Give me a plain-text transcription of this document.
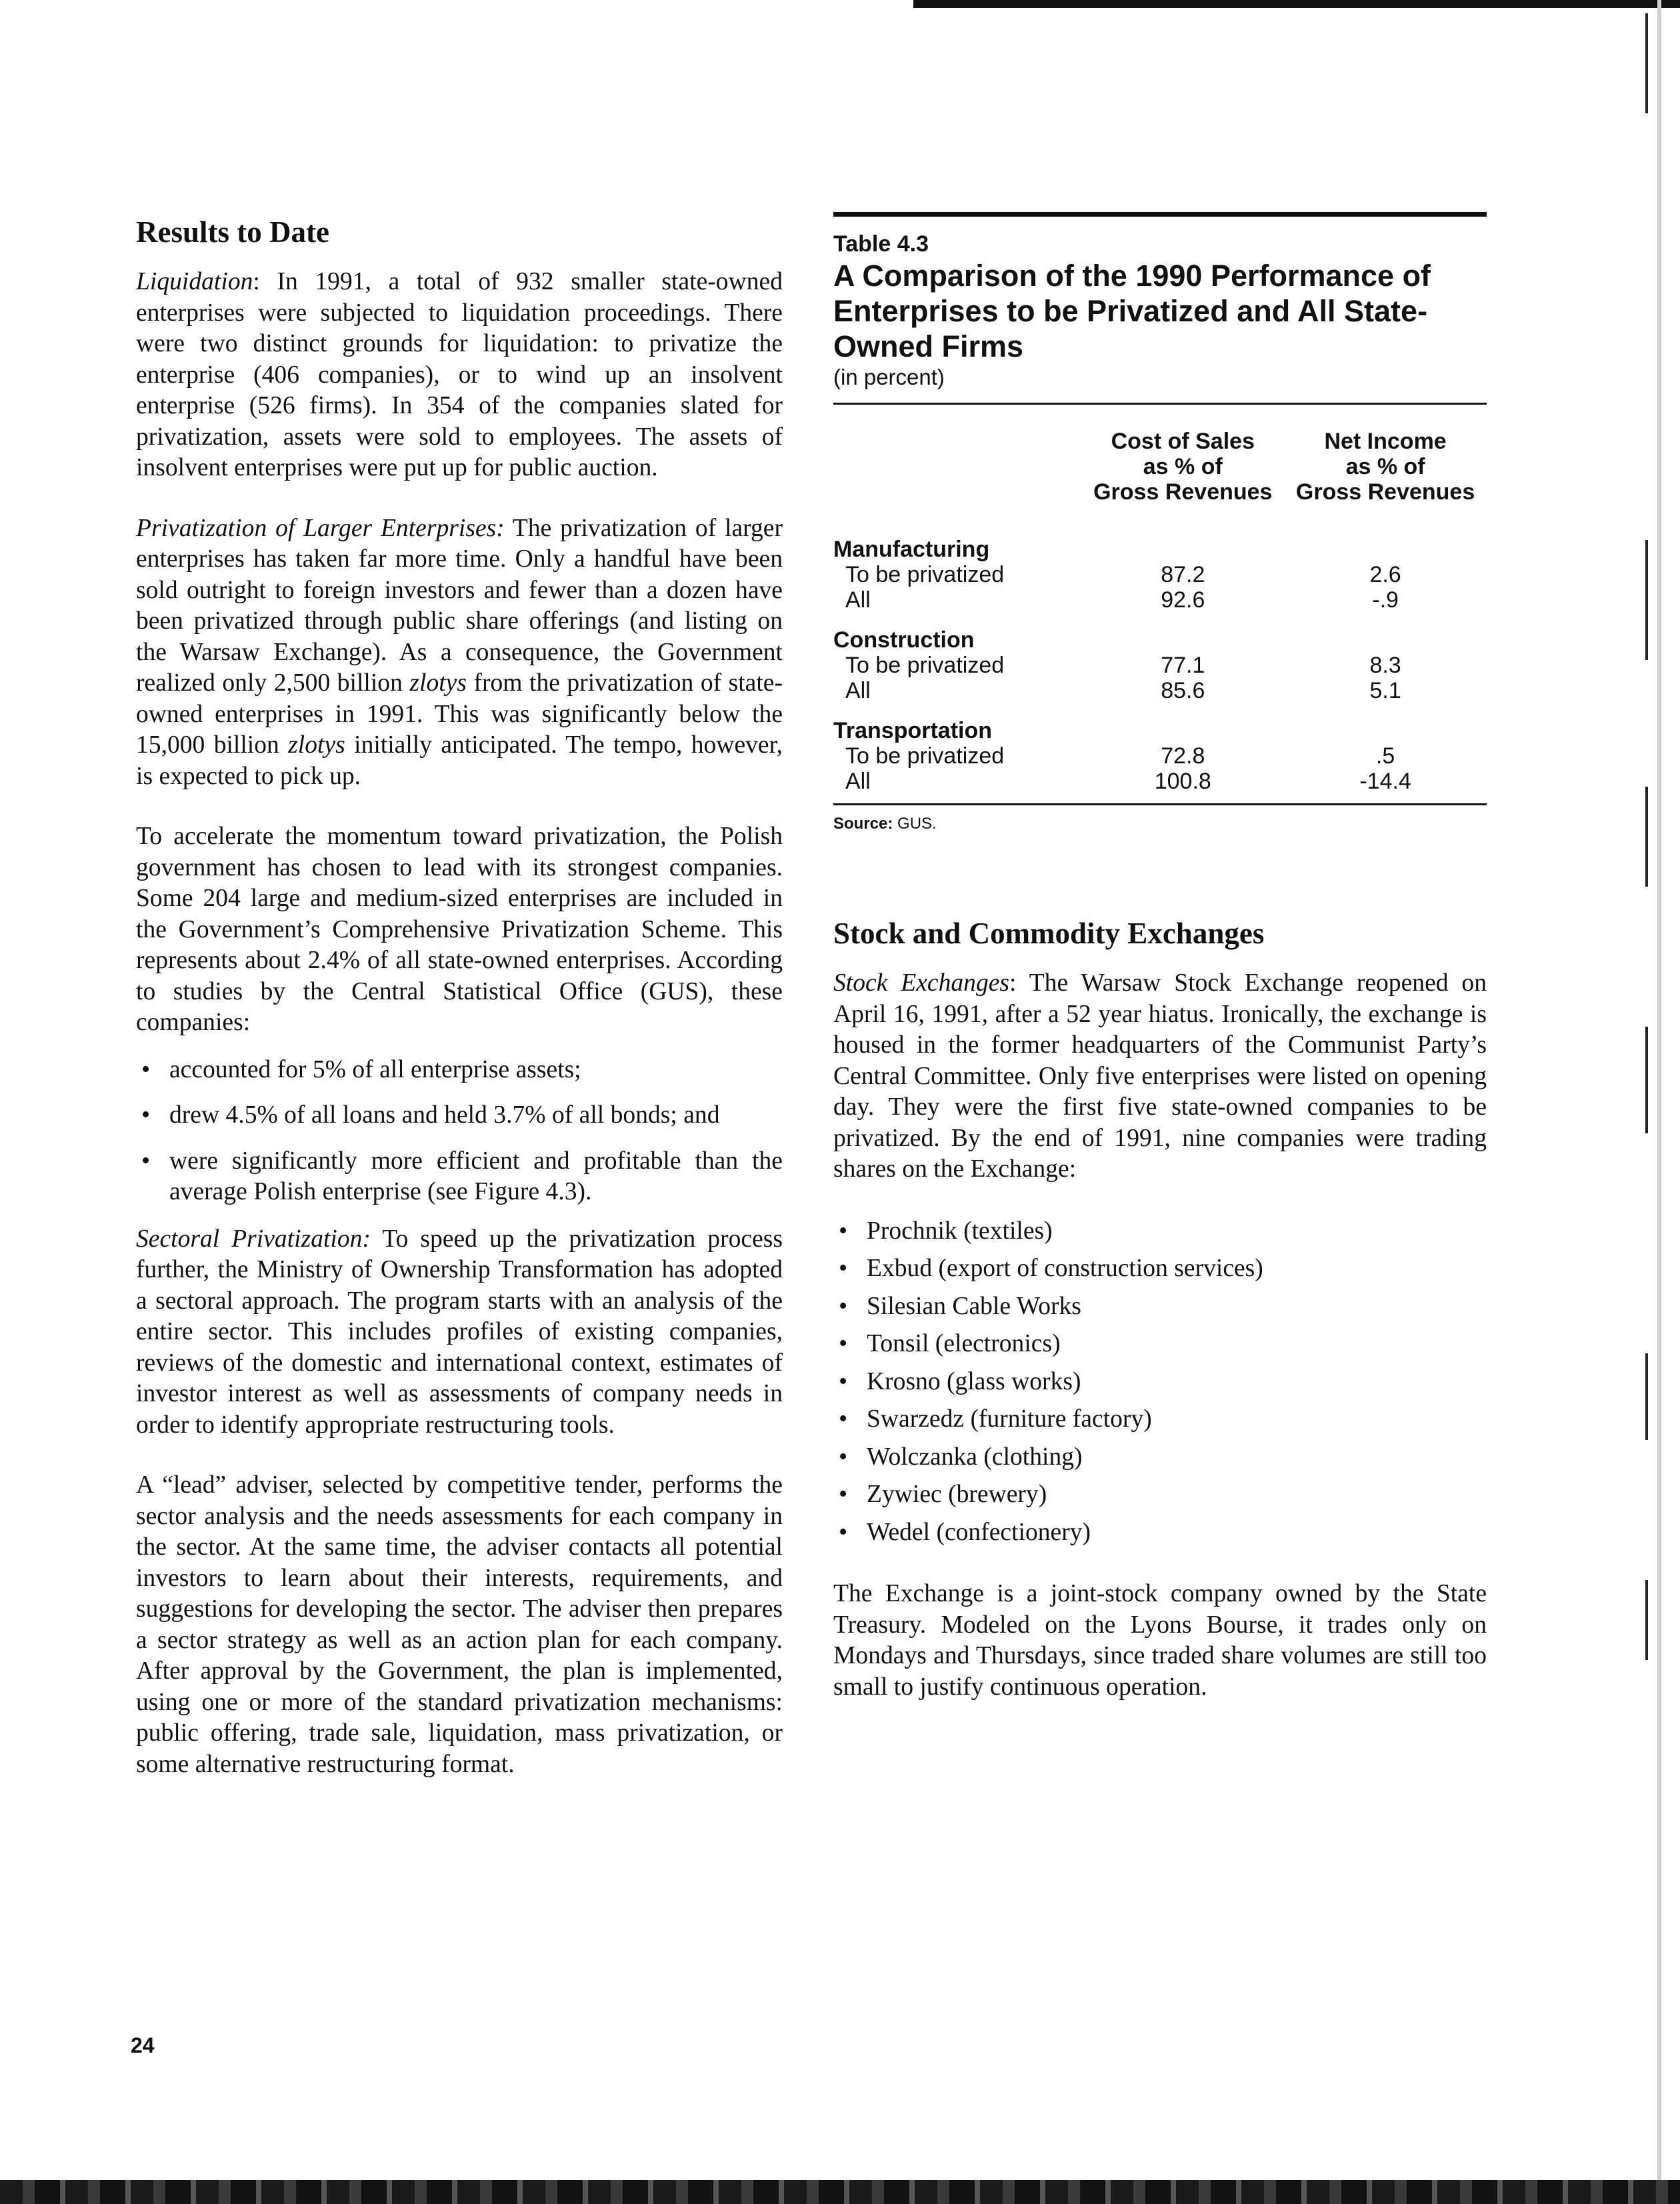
Results to Date

Liquidation: In 1991, a total of 932 smaller state-owned enterprises were subjected to liquidation proceedings. There were two distinct grounds for liquidation: to privatize the enterprise (406 companies), or to wind up an insolvent enterprise (526 firms). In 354 of the companies slated for privatization, assets were sold to employees. The assets of insolvent enterprises were put up for public auction.

Privatization of Larger Enterprises: The privatization of larger enterprises has taken far more time. Only a handful have been sold outright to foreign investors and fewer than a dozen have been privatized through public share offerings (and listing on the Warsaw Exchange). As a consequence, the Government realized only 2,500 billion zlotys from the privatization of state-owned enterprises in 1991. This was significantly below the 15,000 billion zlotys initially anticipated. The tempo, however, is expected to pick up.

To accelerate the momentum toward privatization, the Polish government has chosen to lead with its strongest companies. Some 204 large and medium-sized enterprises are included in the Government’s Comprehensive Privatization Scheme. This represents about 2.4% of all state-owned enterprises. According to studies by the Central Statistical Office (GUS), these companies:

• accounted for 5% of all enterprise assets;
• drew 4.5% of all loans and held 3.7% of all bonds; and
• were significantly more efficient and profitable than the average Polish enterprise (see Figure 4.3).

Sectoral Privatization: To speed up the privatization process further, the Ministry of Ownership Transformation has adopted a sectoral approach. The program starts with an analysis of the entire sector. This includes profiles of existing companies, reviews of the domestic and international context, estimates of investor interest as well as assessments of company needs in order to identify appropriate restructuring tools.

A “lead” adviser, selected by competitive tender, performs the sector analysis and the needs assessments for each company in the sector. At the same time, the adviser contacts all potential investors to learn about their interests, requirements, and suggestions for developing the sector. The adviser then prepares a sector strategy as well as an action plan for each company. After approval by the Government, the plan is implemented, using one or more of the standard privatization mechanisms: public offering, trade sale, liquidation, mass privatization, or some alternative restructuring format.

Table 4.3
A Comparison of the 1990 Performance of Enterprises to be Privatized and All State-Owned Firms
(in percent)
	Cost of Sales
as % of
Gross Revenues	Net Income
as % of
Gross Revenues
Manufacturing		
To be privatized	87.2	2.6
All	92.6	-.9
Construction		
To be privatized	77.1	8.3
All	85.6	5.1
Transportation		
To be privatized	72.8	.5
All	100.8	-14.4
Source: GUS.
Stock and Commodity Exchanges

Stock Exchanges: The Warsaw Stock Exchange reopened on April 16, 1991, after a 52 year hiatus. Ironically, the exchange is housed in the former headquarters of the Communist Party’s Central Committee. Only five enterprises were listed on opening day. They were the first five state-owned companies to be privatized. By the end of 1991, nine companies were trading shares on the Exchange:

• Prochnik (textiles)
• Exbud (export of construction services)
• Silesian Cable Works
• Tonsil (electronics)
• Krosno (glass works)
• Swarzedz (furniture factory)
• Wolczanka (clothing)
• Zywiec (brewery)
• Wedel (confectionery)

The Exchange is a joint-stock company owned by the State Treasury. Modeled on the Lyons Bourse, it trades only on Mondays and Thursdays, since traded share volumes are still too small to justify continuous operation.

24
